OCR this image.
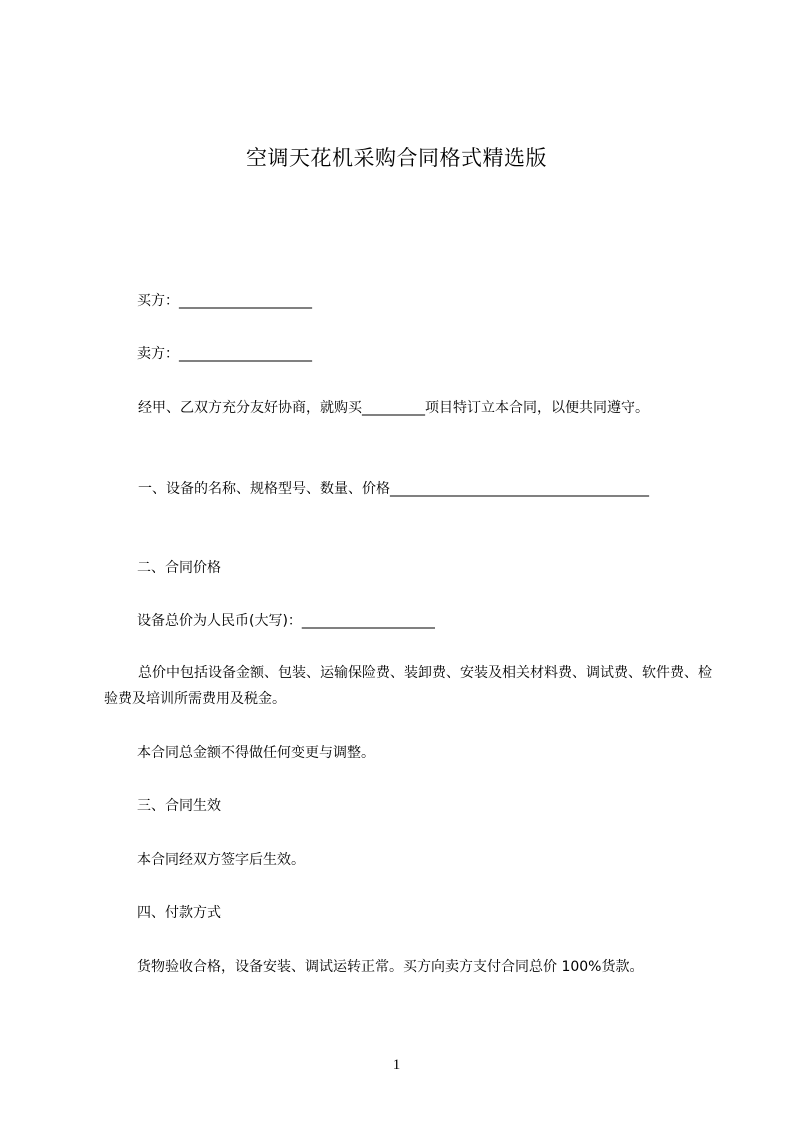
空调天花机采购合同格式精选版
买方：___________________
卖方：___________________
经甲、乙双方充分友好协商，就购买_________项目特订立本合同，以便共同遵守。
一、设备的名称、规格型号、数量、价格_____________________________________
二、合同价格
设备总价为人民币(大写)：___________________
总价中包括设备金额、包装、运输保险费、装卸费、安装及相关材料费、调试费、软件费、检验费及培训所需费用及税金。
本合同总金额不得做任何变更与调整。
三、合同生效
本合同经双方签字后生效。
四、付款方式
货物验收合格，设备安装、调试运转正常。买方向卖方支付合同总价 100%货款。
1
